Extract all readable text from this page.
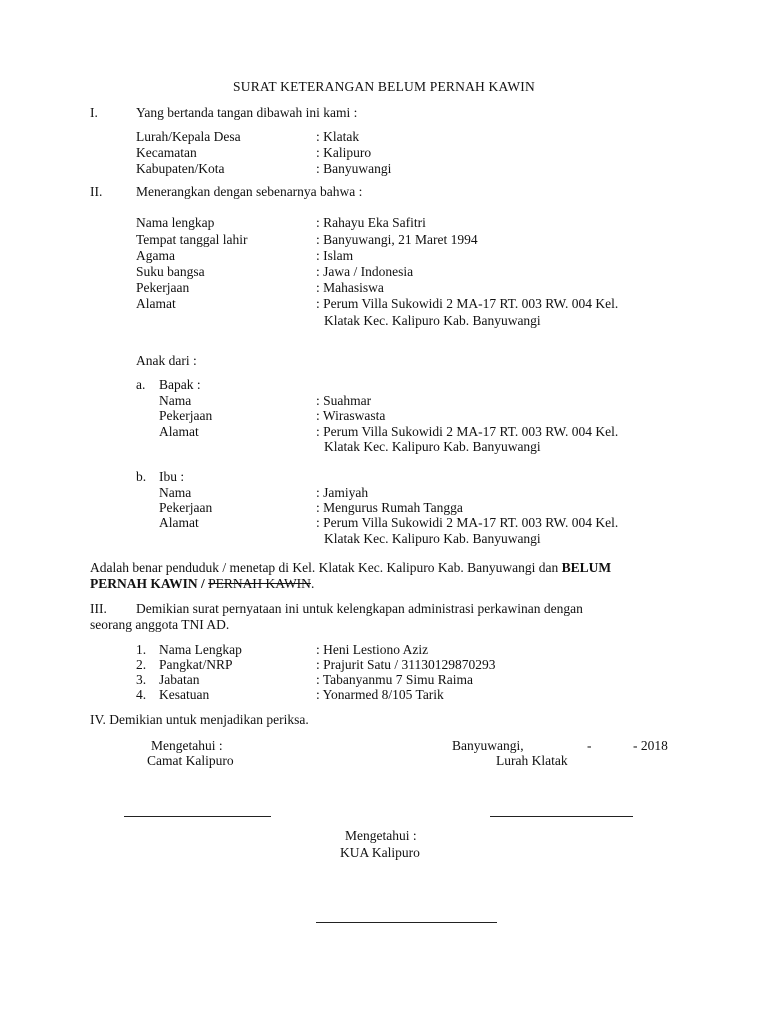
SURAT KETERANGAN BELUM PERNAH KAWIN
I.	Yang bertanda tangan dibawah ini kami :
Lurah/Kepala Desa	: Klatak
Kecamatan	: Kalipuro
Kabupaten/Kota	: Banyuwangi
II. Menerangkan dengan sebenarnya bahwa :
Nama lengkap	: Rahayu Eka Safitri
Tempat tanggal lahir	: Banyuwangi, 21 Maret 1994
Agama	: Islam
Suku bangsa	: Jawa / Indonesia
Pekerjaan	: Mahasiswa
Alamat	: Perum Villa Sukowidi 2 MA-17 RT. 003 RW. 004 Kel.
Klatak Kec. Kalipuro Kab. Banyuwangi
Anak dari :
a. Bapak :
Nama	: Suahmar
Pekerjaan	: Wiraswasta
Alamat	: Perum Villa Sukowidi 2 MA-17 RT. 003 RW. 004 Kel.
Klatak Kec. Kalipuro Kab. Banyuwangi
b. Ibu :
Nama	: Jamiyah
Pekerjaan	: Mengurus Rumah Tangga
Alamat	: Perum Villa Sukowidi 2 MA-17 RT. 003 RW. 004 Kel.
Klatak Kec. Kalipuro Kab. Banyuwangi
Adalah benar penduduk / menetap di Kel. Klatak Kec. Kalipuro Kab. Banyuwangi dan BELUM
PERNAH KAWIN / PERNAH KAWIN.
III. Demikian surat pernyataan ini untuk kelengkapan administrasi perkawinan dengan
seorang anggota TNI AD.
1. Nama Lengkap	: Heni Lestiono Aziz
2. Pangkat/NRP	: Prajurit Satu / 31130129870293
3. Jabatan	: Tabanyanmu 7 Simu Raima
4. Kesatuan	: Yonarmed 8/105 Tarik
IV. Demikian untuk menjadikan periksa.
Mengetahui :
Camat Kalipuro
Banyuwangi,	-	- 2018
Lurah Klatak
Mengetahui :
KUA Kalipuro
